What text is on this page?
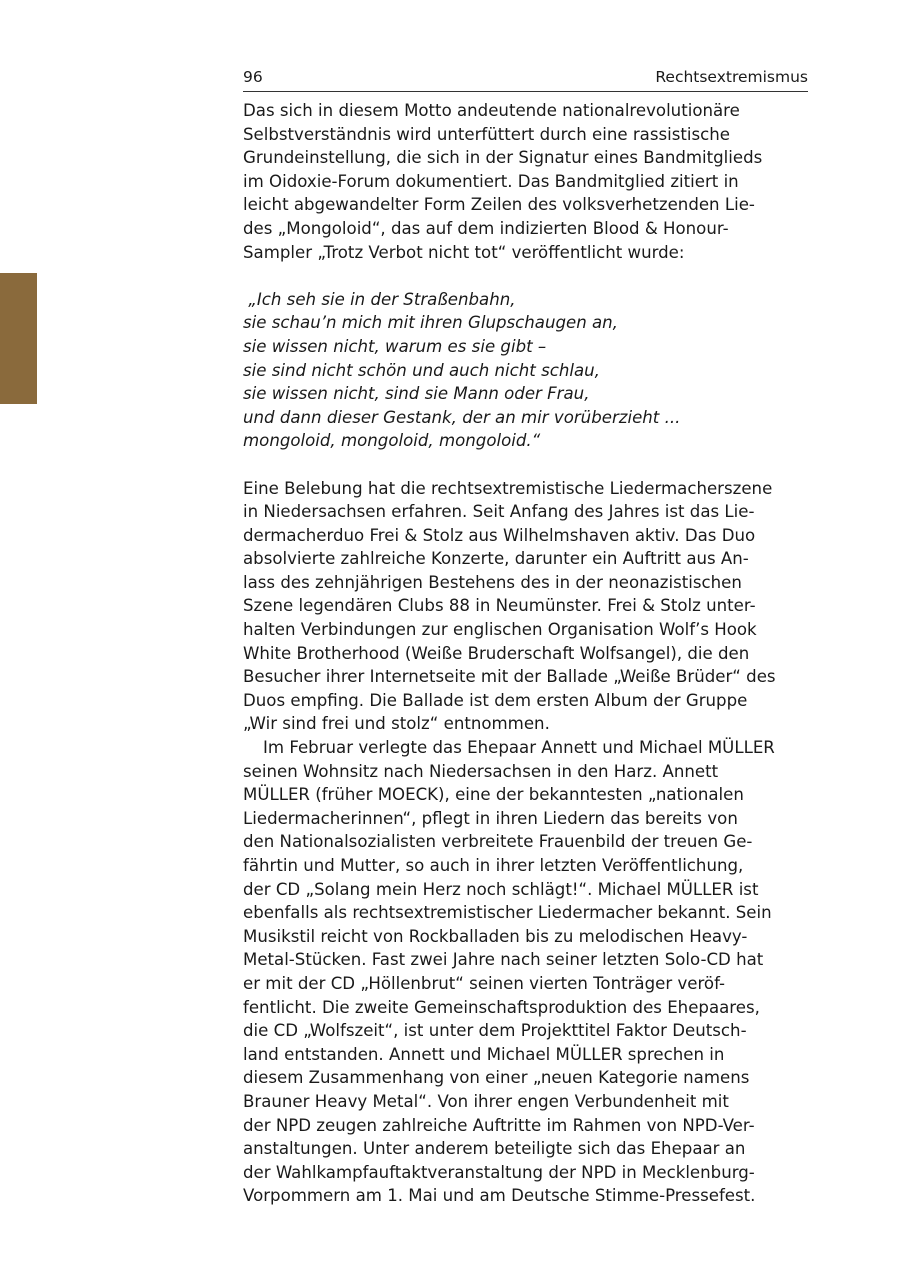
96	Rechtsextremismus
Das sich in diesem Motto andeutende nationalrevolutionäre
Selbstverständnis wird unterfüttert durch eine rassistische
Grundeinstellung, die sich in der Signatur eines Bandmitglieds
im Oidoxie-Forum dokumentiert. Das Bandmitglied zitiert in
leicht abgewandelter Form Zeilen des volksverhetzenden Lie-
des „Mongoloid“, das auf dem indizierten Blood & Honour-
Sampler „Trotz Verbot nicht tot“ veröffentlicht wurde:
„Ich seh sie in der Straßenbahn,
sie schau’n mich mit ihren Glupschaugen an,
sie wissen nicht, warum es sie gibt –
sie sind nicht schön und auch nicht schlau,
sie wissen nicht, sind sie Mann oder Frau,
und dann dieser Gestank, der an mir vorüberzieht ...
mongoloid, mongoloid, mongoloid.“
Eine Belebung hat die rechtsextremistische Liedermacherszene
in Niedersachsen erfahren. Seit Anfang des Jahres ist das Lie-
dermacherduo Frei & Stolz aus Wilhelmshaven aktiv. Das Duo
absolvierte zahlreiche Konzerte, darunter ein Auftritt aus An-
lass des zehnjährigen Bestehens des in der neonazistischen
Szene legendären Clubs 88 in Neumünster. Frei & Stolz unter-
halten Verbindungen zur englischen Organisation Wolf’s Hook
White Brotherhood (Weiße Bruderschaft Wolfsangel), die den
Besucher ihrer Internetseite mit der Ballade „Weiße Brüder“ des
Duos empfing. Die Ballade ist dem ersten Album der Gruppe
„Wir sind frei und stolz“ entnommen.
Im Februar verlegte das Ehepaar Annett und Michael MÜLLER
seinen Wohnsitz nach Niedersachsen in den Harz. Annett
MÜLLER (früher MOECK), eine der bekanntesten „nationalen
Liedermacherinnen“, pflegt in ihren Liedern das bereits von
den Nationalsozialisten verbreitete Frauenbild der treuen Ge-
fährtin und Mutter, so auch in ihrer letzten Veröffentlichung,
der CD „Solang mein Herz noch schlägt!“. Michael MÜLLER ist
ebenfalls als rechtsextremistischer Liedermacher bekannt. Sein
Musikstil reicht von Rockballaden bis zu melodischen Heavy-
Metal-Stücken. Fast zwei Jahre nach seiner letzten Solo-CD hat
er mit der CD „Höllenbrut“ seinen vierten Tonträger veröf-
fentlicht. Die zweite Gemeinschaftsproduktion des Ehepaares,
die CD „Wolfszeit“, ist unter dem Projekttitel Faktor Deutsch-
land entstanden. Annett und Michael MÜLLER sprechen in
diesem Zusammenhang von einer „neuen Kategorie namens
Brauner Heavy Metal“. Von ihrer engen Verbundenheit mit
der NPD zeugen zahlreiche Auftritte im Rahmen von NPD-Ver-
anstaltungen. Unter anderem beteiligte sich das Ehepaar an
der Wahlkampfauftaktveranstaltung der NPD in Mecklenburg-
Vorpommern am 1. Mai und am Deutsche Stimme-Pressefest.
